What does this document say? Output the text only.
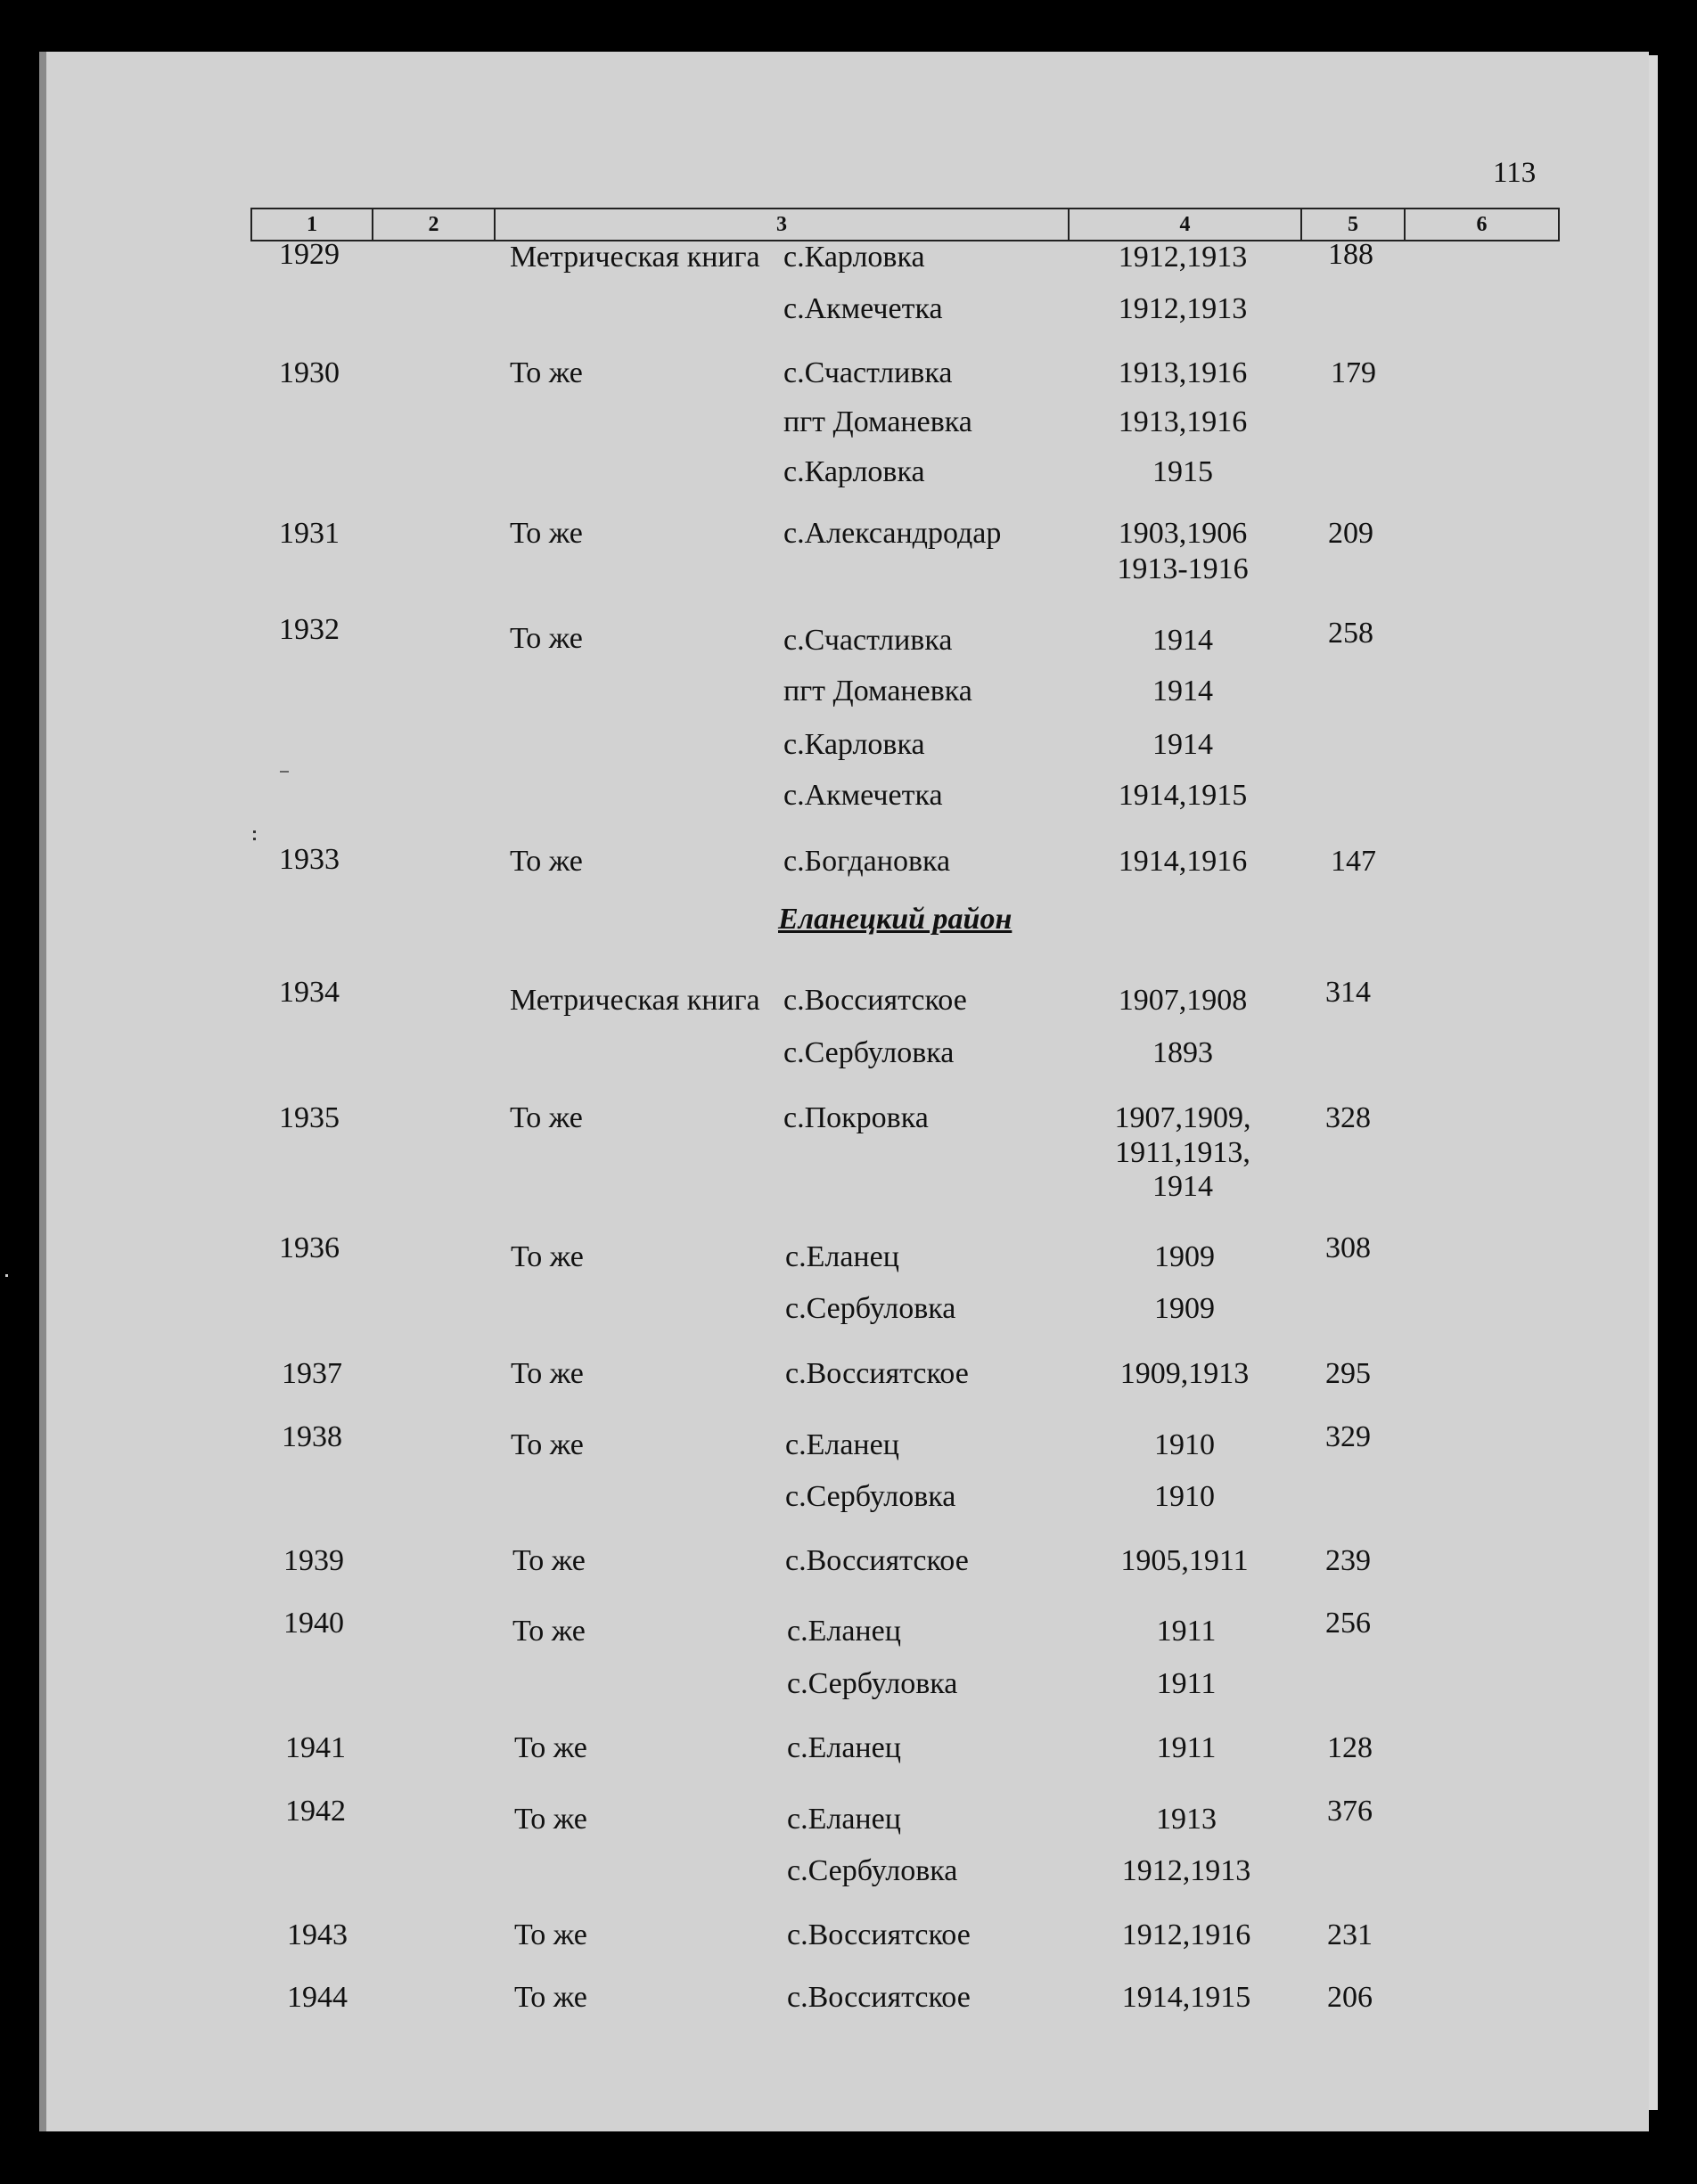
113
1	2	3	4	5	6
Еланецкий район
1929	Метрическая книга с.Карловка	1912,1913	188
с.Акмечетка	1912,1913
1930	То же	с.Счастливка	1913,1916	179
пгт Доманевка	1913,1916
с.Карловка	1915
1931	То же	с.Александродар	1903,1906	209
1913-1916
1932	То же	с.Счастливка	1914	258
пгт Доманевка	1914
с.Карловка	1914
с.Акмечетка	1914,1915
1933	То же	с.Богдановка	1914,1916	147
1934	Метрическая книга с.Воссиятское	1907,1908	314
с.Сербуловка	1893
1935	То же	с.Покровка	1907,1909,	328
1911,1913,
1914
1936	То же	с.Еланец	1909	308
с.Сербуловка	1909
1937	То же	с.Воссиятское	1909,1913	295
1938	То же	с.Еланец	1910	329
с.Сербуловка	1910
1939	То же	с.Воссиятское	1905,1911	239
1940	То же	с.Еланец	1911	256
с.Сербуловка	1911
1941	То же	с.Еланец	1911	128
1942	То же	с.Еланец	1913	376
с.Сербуловка	1912,1913
1943	То же	с.Воссиятское	1912,1916	231
1944	То же	с.Воссиятское	1914,1915	206
